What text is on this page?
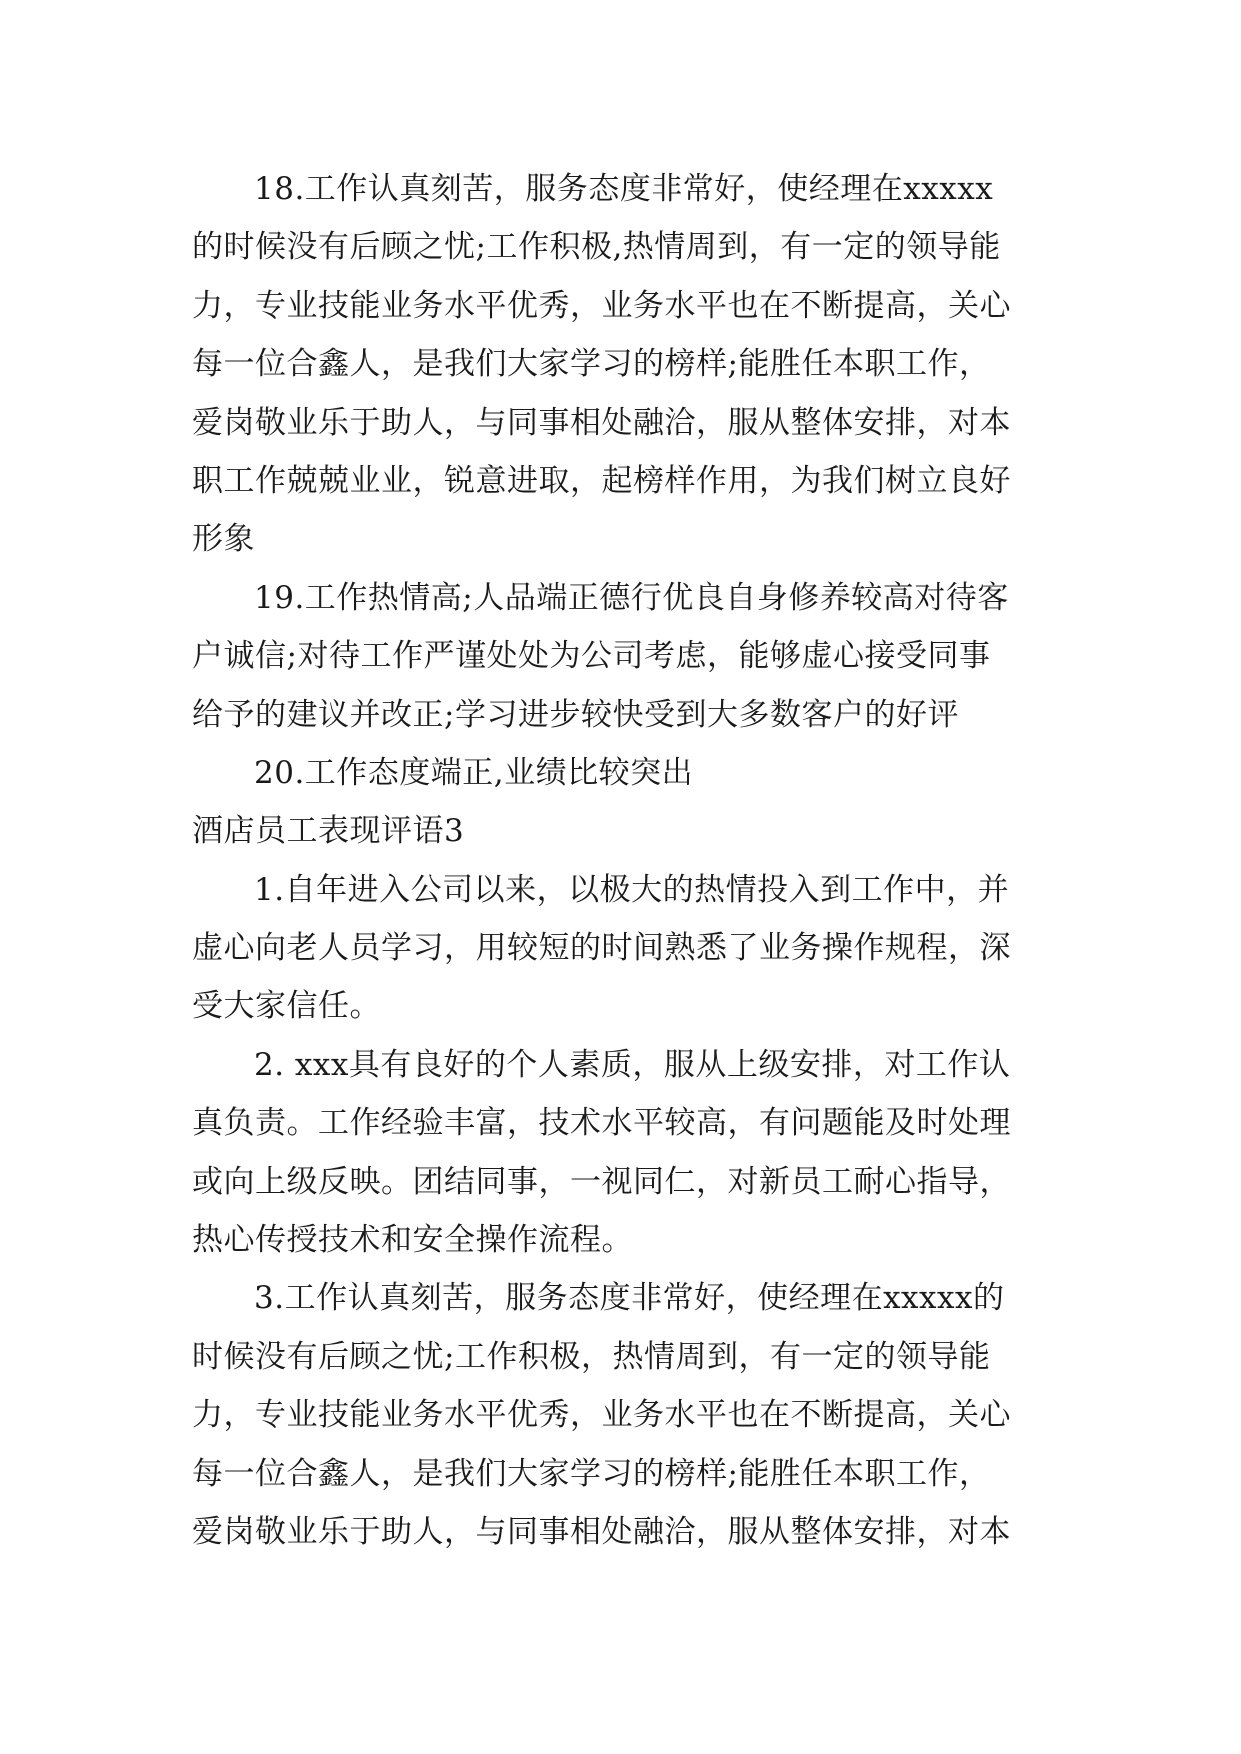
18.工作认真刻苦，服务态度非常好，使经理在xxxxx
的时候没有后顾之忧;工作积极,热情周到，有一定的领导能
力，专业技能业务水平优秀，业务水平也在不断提高，关心
每一位合鑫人，是我们大家学习的榜样;能胜任本职工作，
爱岗敬业乐于助人，与同事相处融洽，服从整体安排，对本
职工作兢兢业业，锐意进取，起榜样作用，为我们树立良好
形象
19.工作热情高;人品端正德行优良自身修养较高对待客
户诚信;对待工作严谨处处为公司考虑，能够虚心接受同事
给予的建议并改正;学习进步较快受到大多数客户的好评
20.工作态度端正,业绩比较突出
酒店员工表现评语3
1.自年进入公司以来，以极大的热情投入到工作中，并
虚心向老人员学习，用较短的时间熟悉了业务操作规程，深
受大家信任。
2. xxx具有良好的个人素质，服从上级安排，对工作认
真负责。工作经验丰富，技术水平较高，有问题能及时处理
或向上级反映。团结同事，一视同仁，对新员工耐心指导，
热心传授技术和安全操作流程。
3.工作认真刻苦，服务态度非常好，使经理在xxxxx的
时候没有后顾之忧;工作积极，热情周到，有一定的领导能
力，专业技能业务水平优秀，业务水平也在不断提高，关心
每一位合鑫人，是我们大家学习的榜样;能胜任本职工作，
爱岗敬业乐于助人，与同事相处融洽，服从整体安排，对本
